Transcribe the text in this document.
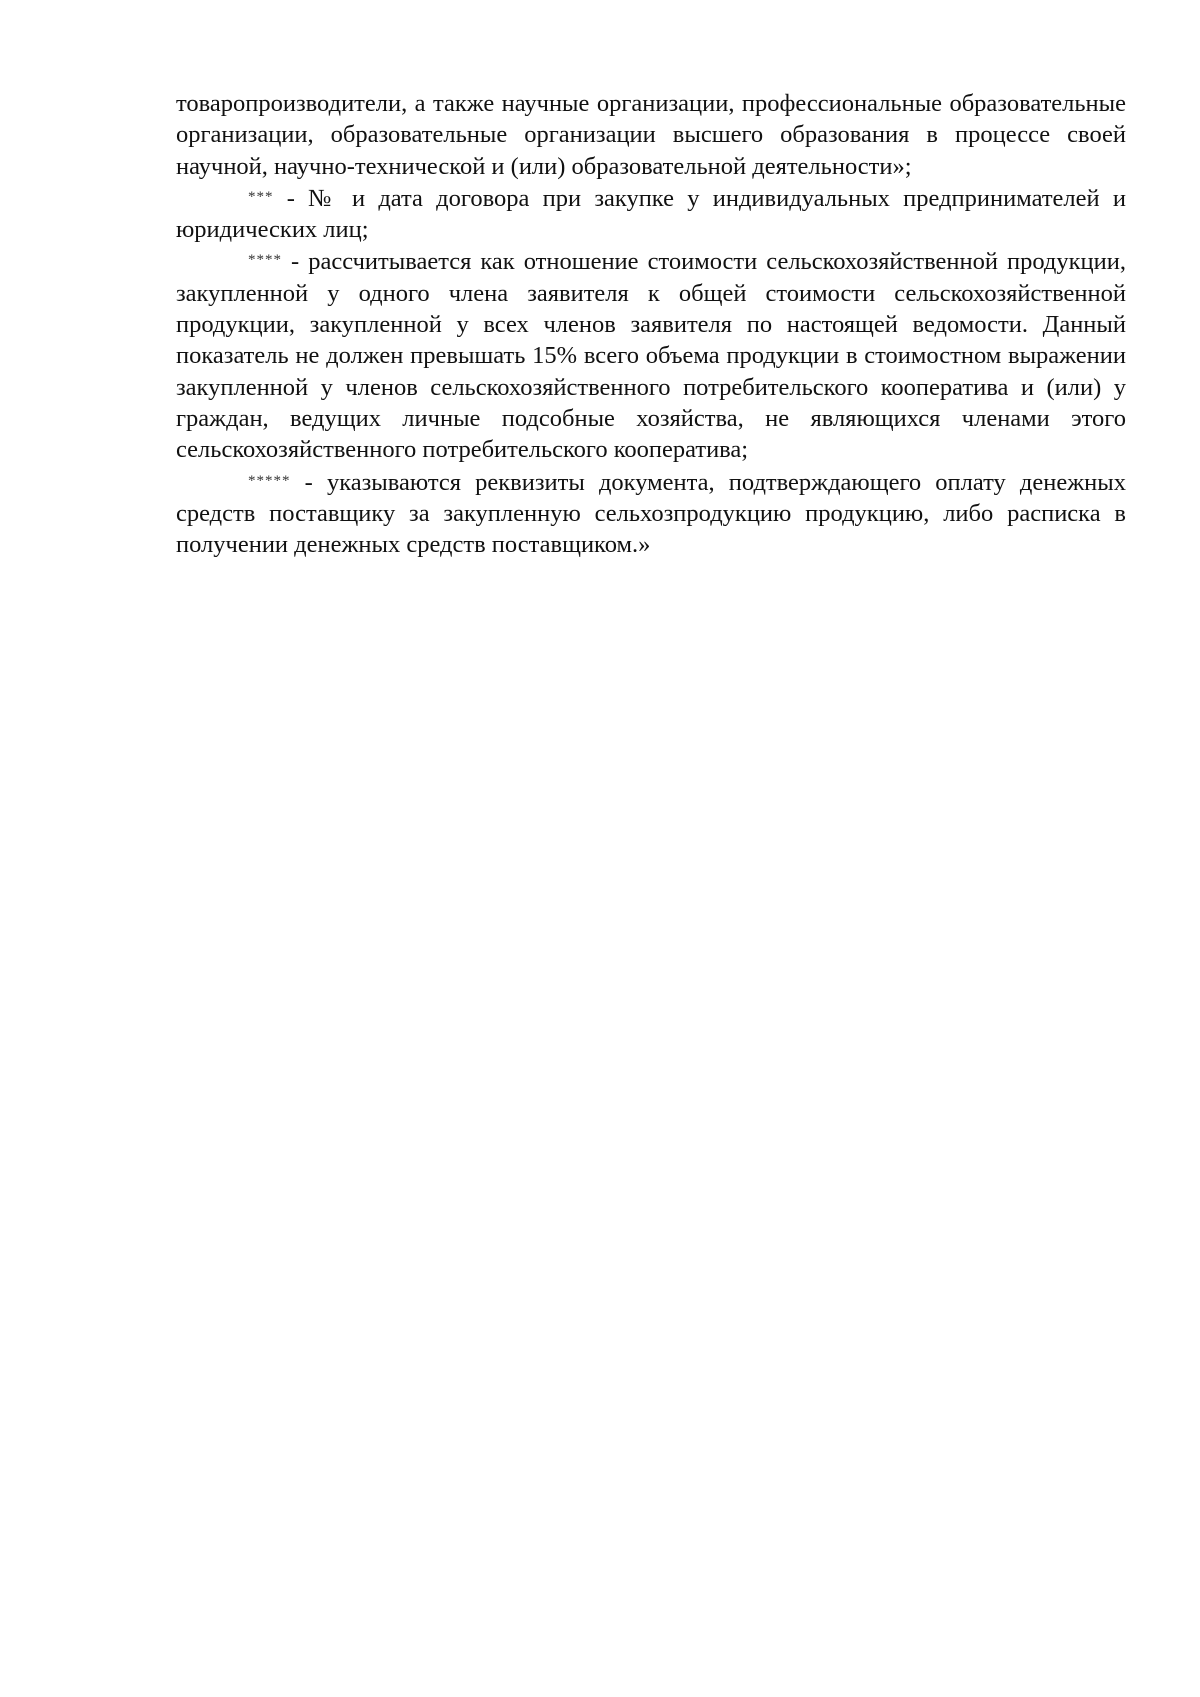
товаропроизводители, а также научные организации, профессиональные образовательные организации, образовательные организации высшего образования в процессе своей научной, научно-технической и (или) образовательной деятельности»;

*** - № и дата договора при закупке у индивидуальных предпринимателей и юридических лиц;

**** - рассчитывается как отношение стоимости сельскохозяйственной продукции, закупленной у одного члена заявителя к общей стоимости сельскохозяйственной продукции, закупленной у всех членов заявителя по настоящей ведомости. Данный показатель не должен превышать 15% всего объема продукции в стоимостном выражении закупленной у членов сельскохозяйственного потребительского кооператива и (или) у граждан, ведущих личные подсобные хозяйства, не являющихся членами этого сельскохозяйственного потребительского кооператива;

***** - указываются реквизиты документа, подтверждающего оплату денежных средств поставщику за закупленную сельхозпродукцию продукцию, либо расписка в получении денежных средств поставщиком.»
